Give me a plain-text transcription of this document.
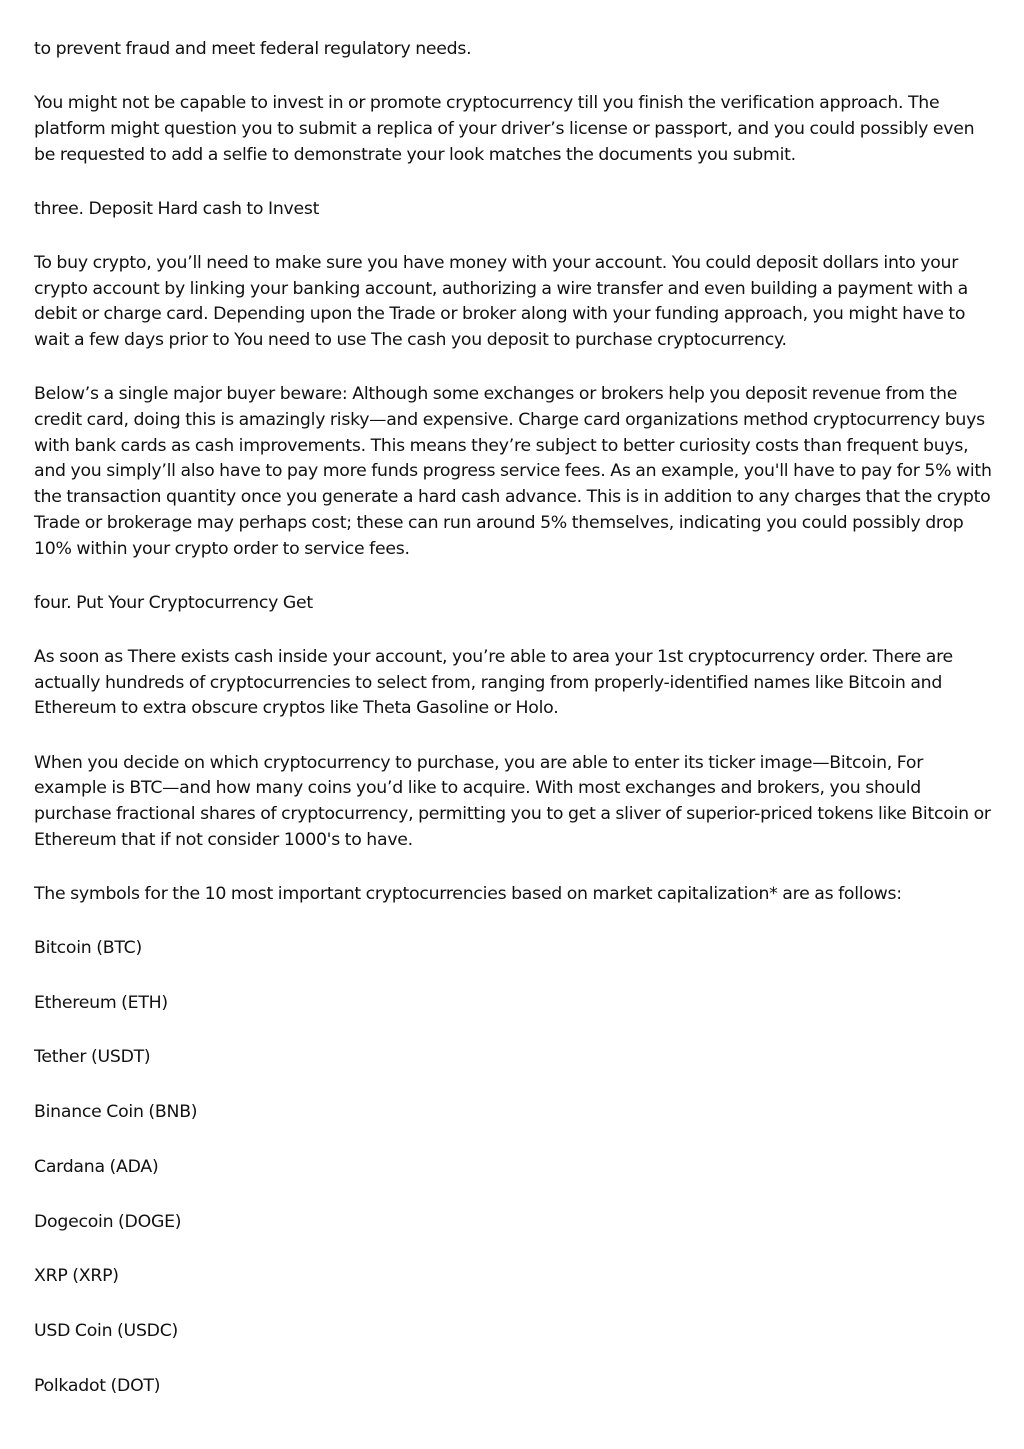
to prevent fraud and meet federal regulatory needs.

You might not be capable to invest in or promote cryptocurrency till you finish the verification approach. The platform might question you to submit a replica of your driver’s license or passport, and you could possibly even be requested to add a selfie to demonstrate your look matches the documents you submit.

three. Deposit Hard cash to Invest

To buy crypto, you’ll need to make sure you have money with your account. You could deposit dollars into your crypto account by linking your banking account, authorizing a wire transfer and even building a payment with a debit or charge card. Depending upon the Trade or broker along with your funding approach, you might have to wait a few days prior to You need to use The cash you deposit to purchase cryptocurrency.

Below’s a single major buyer beware: Although some exchanges or brokers help you deposit revenue from the credit card, doing this is amazingly risky—and expensive. Charge card organizations method cryptocurrency buys with bank cards as cash improvements. This means they’re subject to better curiosity costs than frequent buys, and you simply’ll also have to pay more funds progress service fees. As an example, you'll have to pay for 5% with the transaction quantity once you generate a hard cash advance. This is in addition to any charges that the crypto Trade or brokerage may perhaps cost; these can run around 5% themselves, indicating you could possibly drop 10% within your crypto order to service fees.

four. Put Your Cryptocurrency Get

As soon as There exists cash inside your account, you’re able to area your 1st cryptocurrency order. There are actually hundreds of cryptocurrencies to select from, ranging from properly-identified names like Bitcoin and Ethereum to extra obscure cryptos like Theta Gasoline or Holo.

When you decide on which cryptocurrency to purchase, you are able to enter its ticker image—Bitcoin, For example is BTC—and how many coins you’d like to acquire. With most exchanges and brokers, you should purchase fractional shares of cryptocurrency, permitting you to get a sliver of superior-priced tokens like Bitcoin or Ethereum that if not consider 1000's to have.

The symbols for the 10 most important cryptocurrencies based on market capitalization* are as follows:

Bitcoin (BTC)

Ethereum (ETH)

Tether (USDT)

Binance Coin (BNB)

Cardana (ADA)

Dogecoin (DOGE)

XRP (XRP)

USD Coin (USDC)

Polkadot (DOT)
